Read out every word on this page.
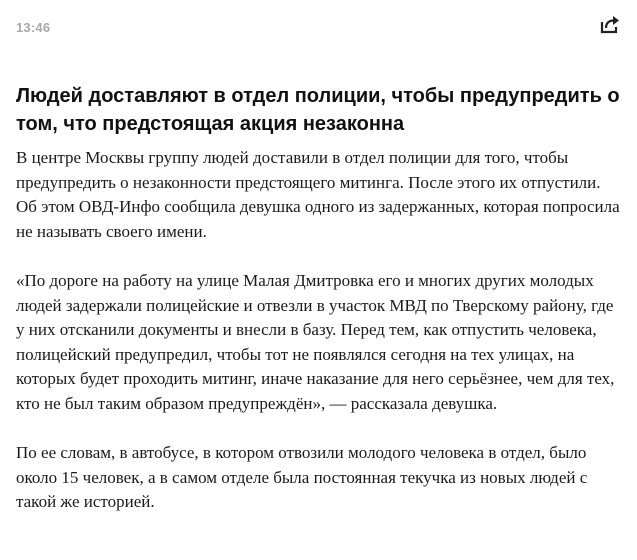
13:46
Людей доставляют в отдел полиции, чтобы предупредить о том, что предстоящая акция незаконна

В центре Москвы группу людей доставили в отдел полиции для того, чтобы предупредить о незаконности предстоящего митинга. После этого их отпустили. Об этом ОВД-Инфо сообщила девушка одного из задержанных, которая попросила не называть своего имени.

«По дороге на работу на улице Малая Дмитровка его и многих других молодых людей задержали полицейские и отвезли в участок МВД по Тверскому району, где у них отсканили документы и внесли в базу. Перед тем, как отпустить человека, полицейский предупредил, чтобы тот не появлялся сегодня на тех улицах, на которых будет проходить митинг, иначе наказание для него серьёзнее, чем для тех, кто не был таким образом предупреждён», — рассказала девушка.

По ее словам, в автобусе, в котором отвозили молодого человека в отдел, было около 15 человек, а в самом отделе была постоянная текучка из новых людей с такой же историей.
